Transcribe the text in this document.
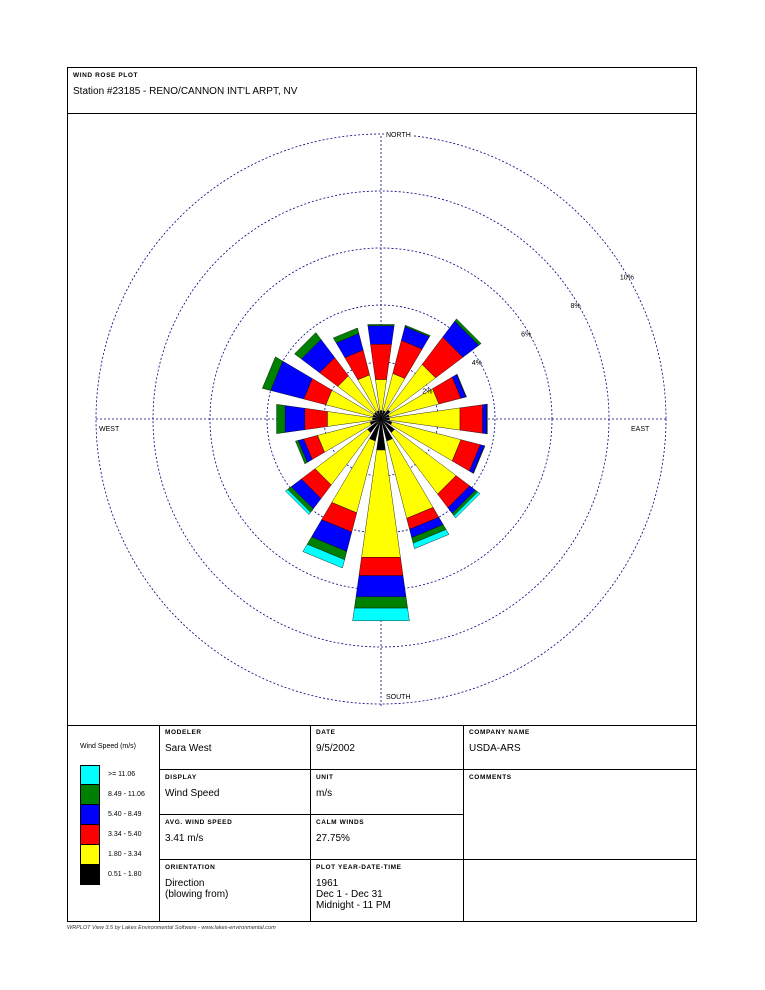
WIND ROSE PLOT
Station #23185 - RENO/CANNON INT'L ARPT, NV
2%
4%
6%
8%
10%
NORTH
SOUTH
WEST	EAST
Wind Speed (m/s)
>= 11.06
8.49 - 11.06
5.40 - 8.49
3.34 - 5.40
1.80 - 3.34
0.51 - 1.80
MODELER
Sara West
DATE
9/5/2002
COMPANY NAME
USDA-ARS
DISPLAY
Wind Speed
UNIT
m/s
COMMENTS
AVG. WIND SPEED
3.41 m/s
CALM WINDS
27.75%
ORIENTATION
Direction
(blowing from)
PLOT YEAR-DATE-TIME
1961
Dec 1 - Dec 31
Midnight - 11 PM
WRPLOT View 3.5 by Lakes Environmental Software - www.lakes-environmental.com
